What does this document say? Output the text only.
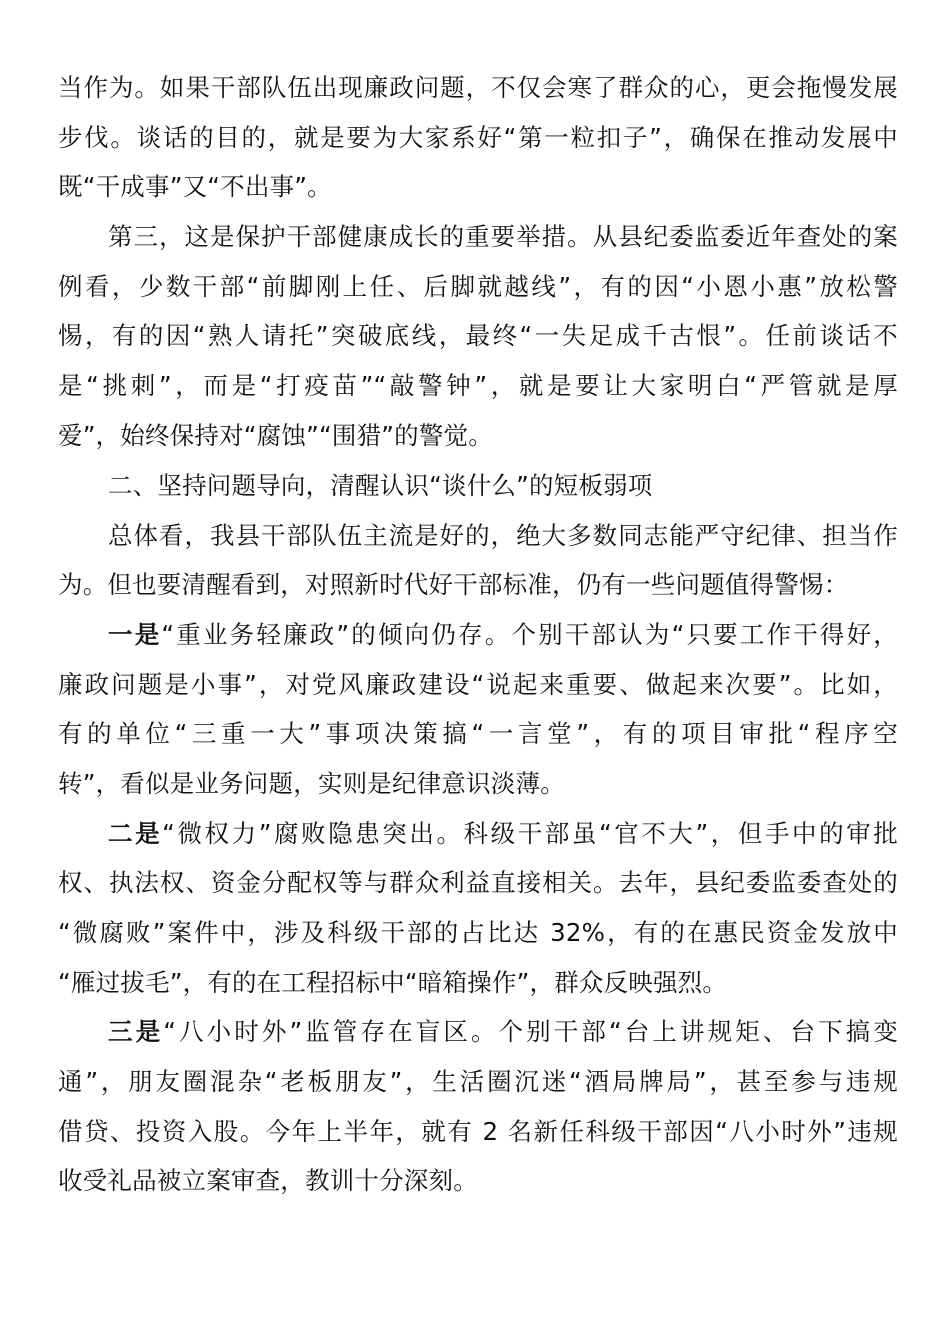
当作为。如果干部队伍出现廉政问题，不仅会寒了群众的心，更会拖慢发展
步伐。谈话的目的，就是要为大家系好“第一粒扣子”，确保在推动发展中
既“干成事”又“不出事”。
第三，这是保护干部健康成长的重要举措。从县纪委监委近年查处的案
例看，少数干部“前脚刚上任、后脚就越线”，有的因“小恩小惠”放松警
惕，有的因“熟人请托”突破底线，最终“一失足成千古恨”。任前谈话不
是“挑刺”，而是“打疫苗”“敲警钟”，就是要让大家明白“严管就是厚
爱”，始终保持对“腐蚀”“围猎”的警觉。
二、坚持问题导向，清醒认识“谈什么”的短板弱项
总体看，我县干部队伍主流是好的，绝大多数同志能严守纪律、担当作
为。但也要清醒看到，对照新时代好干部标准，仍有一些问题值得警惕：
一是“重业务轻廉政”的倾向仍存。个别干部认为“只要工作干得好，
廉政问题是小事”，对党风廉政建设“说起来重要、做起来次要”。比如，
有的单位“三重一大”事项决策搞“一言堂”，有的项目审批“程序空
转”，看似是业务问题，实则是纪律意识淡薄。
二是“微权力”腐败隐患突出。科级干部虽“官不大”，但手中的审批
权、执法权、资金分配权等与群众利益直接相关。去年，县纪委监委查处的
“微腐败”案件中，涉及科级干部的占比达 32%，有的在惠民资金发放中
“雁过拔毛”，有的在工程招标中“暗箱操作”，群众反映强烈。
三是“八小时外”监管存在盲区。个别干部“台上讲规矩、台下搞变
通”，朋友圈混杂“老板朋友”，生活圈沉迷“酒局牌局”，甚至参与违规
借贷、投资入股。今年上半年，就有 2 名新任科级干部因“八小时外”违规
收受礼品被立案审查，教训十分深刻。
